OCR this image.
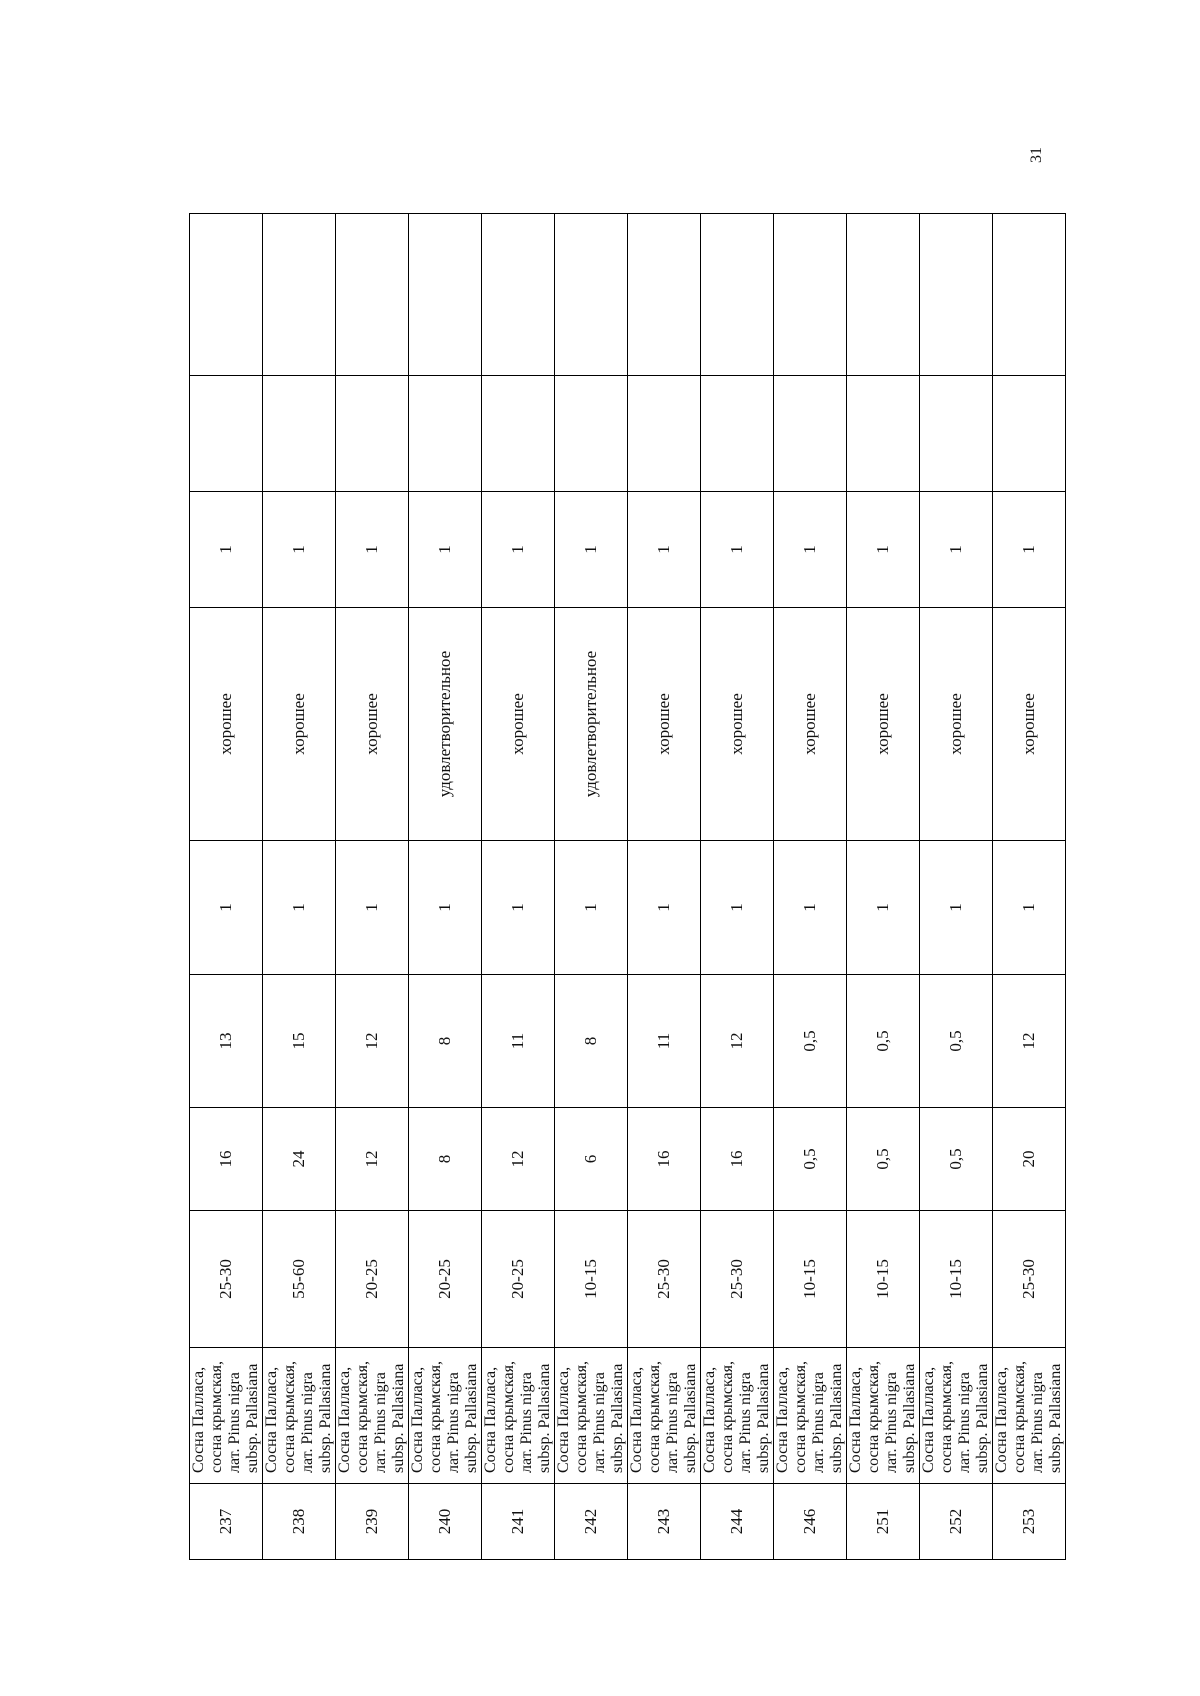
31
237	Сосна Палласа, сосна крымская, лат. Pinus nigra subsp. Pallasiana	25-30	16	13	1	хорошее	1		
238	Сосна Палласа, сосна крымская, лат. Pinus nigra subsp. Pallasiana	55-60	24	15	1	хорошее	1		
239	Сосна Палласа, сосна крымская, лат. Pinus nigra subsp. Pallasiana	20-25	12	12	1	хорошее	1		
240	Сосна Палласа, сосна крымская, лат. Pinus nigra subsp. Pallasiana	20-25	8	8	1	удовлетворительное	1		
241	Сосна Палласа, сосна крымская, лат. Pinus nigra subsp. Pallasiana	20-25	12	11	1	хорошее	1		
242	Сосна Палласа, сосна крымская, лат. Pinus nigra subsp. Pallasiana	10-15	6	8	1	удовлетворительное	1		
243	Сосна Палласа, сосна крымская, лат. Pinus nigra subsp. Pallasiana	25-30	16	11	1	хорошее	1		
244	Сосна Палласа, сосна крымская, лат. Pinus nigra subsp. Pallasiana	25-30	16	12	1	хорошее	1		
246	Сосна Палласа, сосна крымская, лат. Pinus nigra subsp. Pallasiana	10-15	0,5	0,5	1	хорошее	1		
251	Сосна Палласа, сосна крымская, лат. Pinus nigra subsp. Pallasiana	10-15	0,5	0,5	1	хорошее	1		
252	Сосна Палласа, сосна крымская, лат. Pinus nigra subsp. Pallasiana	10-15	0,5	0,5	1	хорошее	1		
253	Сосна Палласа, сосна крымская, лат. Pinus nigra subsp. Pallasiana	25-30	20	12	1	хорошее	1		
